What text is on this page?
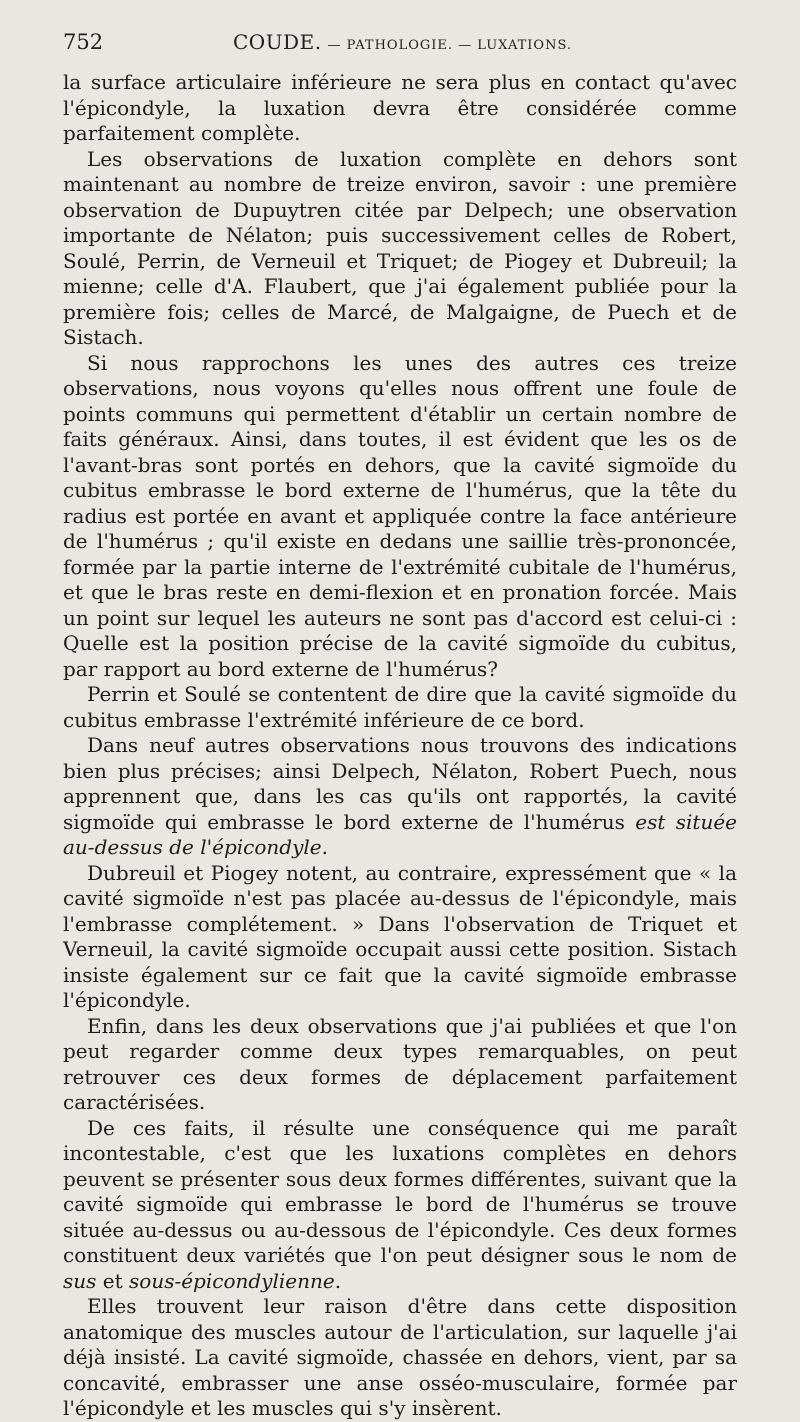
752	COUDE. — PATHOLOGIE. — LUXATIONS.

la surface articulaire inférieure ne sera plus en contact qu'avec l'épicondyle, la luxation devra être considérée comme parfaitement complète.

Les observations de luxation complète en dehors sont maintenant au nombre de treize environ, savoir : une première observation de Dupuytren citée par Delpech; une observation importante de Nélaton; puis successivement celles de Robert, Soulé, Perrin, de Verneuil et Triquet; de Piogey et Dubreuil; la mienne; celle d'A. Flaubert, que j'ai également publiée pour la première fois; celles de Marcé, de Malgaigne, de Puech et de Sistach.

Si nous rapprochons les unes des autres ces treize observations, nous voyons qu'elles nous offrent une foule de points communs qui permettent d'établir un certain nombre de faits généraux. Ainsi, dans toutes, il est évident que les os de l'avant-bras sont portés en dehors, que la cavité sigmoïde du cubitus embrasse le bord externe de l'humérus, que la tête du radius est portée en avant et appliquée contre la face antérieure de l'humérus ; qu'il existe en dedans une saillie très-prononcée, formée par la partie interne de l'extrémité cubitale de l'humérus, et que le bras reste en demi-flexion et en pronation forcée. Mais un point sur lequel les auteurs ne sont pas d'accord est celui-ci : Quelle est la position précise de la cavité sigmoïde du cubitus, par rapport au bord externe de l'humérus?

Perrin et Soulé se contentent de dire que la cavité sigmoïde du cubitus embrasse l'extrémité inférieure de ce bord.

Dans neuf autres observations nous trouvons des indications bien plus précises; ainsi Delpech, Nélaton, Robert Puech, nous apprennent que, dans les cas qu'ils ont rapportés, la cavité sigmoïde qui embrasse le bord externe de l'humérus est située au-dessus de l'épicondyle.

Dubreuil et Piogey notent, au contraire, expressément que « la cavité sigmoïde n'est pas placée au-dessus de l'épicondyle, mais l'embrasse complétement. » Dans l'observation de Triquet et Verneuil, la cavité sigmoïde occupait aussi cette position. Sistach insiste également sur ce fait que la cavité sigmoïde embrasse l'épicondyle.

Enfin, dans les deux observations que j'ai publiées et que l'on peut regarder comme deux types remarquables, on peut retrouver ces deux formes de déplacement parfaitement caractérisées.

De ces faits, il résulte une conséquence qui me paraît incontestable, c'est que les luxations complètes en dehors peuvent se présenter sous deux formes différentes, suivant que la cavité sigmoïde qui embrasse le bord de l'humérus se trouve située au-dessus ou au-dessous de l'épicondyle. Ces deux formes constituent deux variétés que l'on peut désigner sous le nom de sus et sous-épicondylienne.

Elles trouvent leur raison d'être dans cette disposition anatomique des muscles autour de l'articulation, sur laquelle j'ai déjà insisté. La cavité sigmoïde, chassée en dehors, vient, par sa concavité, embrasser une anse osséo-musculaire, formée par l'épicondyle et les muscles qui s'y insèrent.
